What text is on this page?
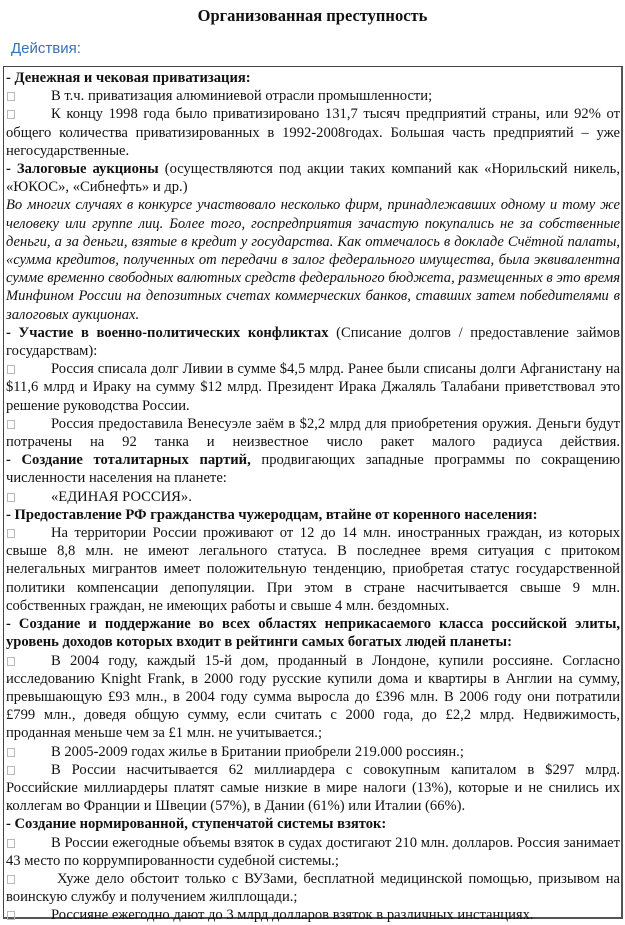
Организованная преступность
Действия:

- Денежная и чековая приватизация:

В т.ч. приватизация алюминиевой отрасли промышленности;

К концу 1998 года было приватизировано 131,7 тысяч предприятий страны, или 92% от общего количества приватизированных в 1992-2008годах. Большая часть предприятий – уже негосударственные.

- Залоговые аукционы (осуществляются под акции таких компаний как «Норильский никель, «ЮКОС», «Сибнефть» и др.)

Во многих случаях в конкурсе участвовало несколько фирм, принадлежавших одному и тому же человеку или группе лиц. Более того, госпредприятия зачастую покупались не за собственные деньги, а за деньги, взятые в кредит у государства. Как отмечалось в докладе Счётной палаты, «сумма кредитов, полученных от передачи в залог федерального имущества, была эквивалентна сумме временно свободных валютных средств федерального бюджета, размещенных в это время Минфином России на депозитных счетах коммерческих банков, ставших затем победителями в залоговых аукционах.

- Участие в военно-политических конфликтах (Списание долгов / предоставление займов государствам):

Россия списала долг Ливии в сумме $4,5 млрд. Ранее были списаны долги Афганистану на $11,6 млрд и Ираку на сумму $12 млрд. Президент Ирака Джаляль Талабани приветствовал это решение руководства России.

Россия предоставила Венесуэле заём в $2,2 млрд для приобретения оружия. Деньги будут потрачены на 92 танка и неизвестное число ракет малого радиуса действия.

- Создание тоталитарных партий, продвигающих западные программы по сокращению численности населения на планете:

«ЕДИНАЯ РОССИЯ».

- Предоставление РФ гражданства чужеродцам, втайне от коренного населения:

На территории России проживают от 12 до 14 млн. иностранных граждан, из которых свыше 8,8 млн. не имеют легального статуса. В последнее время ситуация с притоком нелегальных мигрантов имеет положительную тенденцию, приобретая статус государственной политики компенсации депопуляции. При этом в стране насчитывается свыше 9 млн. собственных граждан, не имеющих работы и свыше 4 млн. бездомных.

- Создание и поддержание во всех областях неприкасаемого класса российской элиты, уровень доходов которых входит в рейтинги самых богатых людей планеты:

В 2004 году, каждый 15-й дом, проданный в Лондоне, купили россияне. Согласно исследованию Knight Frank, в 2000 году русские купили дома и квартиры в Англии на сумму, превышающую £93 млн., в 2004 году сумма выросла до £396 млн. В 2006 году они потратили £799 млн., доведя общую сумму, если считать с 2000 года, до £2,2 млрд. Недвижимость, проданная меньше чем за £1 млн. не учитывается.;

В 2005-2009 годах жилье в Британии приобрели 219.000 россиян.;

В России насчитывается 62 миллиардера с совокупным капиталом в $297 млрд. Российские миллиардеры платят самые низкие в мире налоги (13%), которые и не снились их коллегам во Франции и Швеции (57%), в Дании (61%) или Италии (66%).

- Создание нормированной, ступенчатой системы взяток:

В России ежегодные объемы взяток в судах достигают 210 млн. долларов. Россия занимает 43 место по коррумпированности судебной системы.;

Хуже дело обстоит только с ВУЗами, бесплатной медицинской помощью, призывом на воинскую службу и получением жилплощади.;

Россияне ежегодно дают до 3 млрд долларов взяток в различных инстанциях.
